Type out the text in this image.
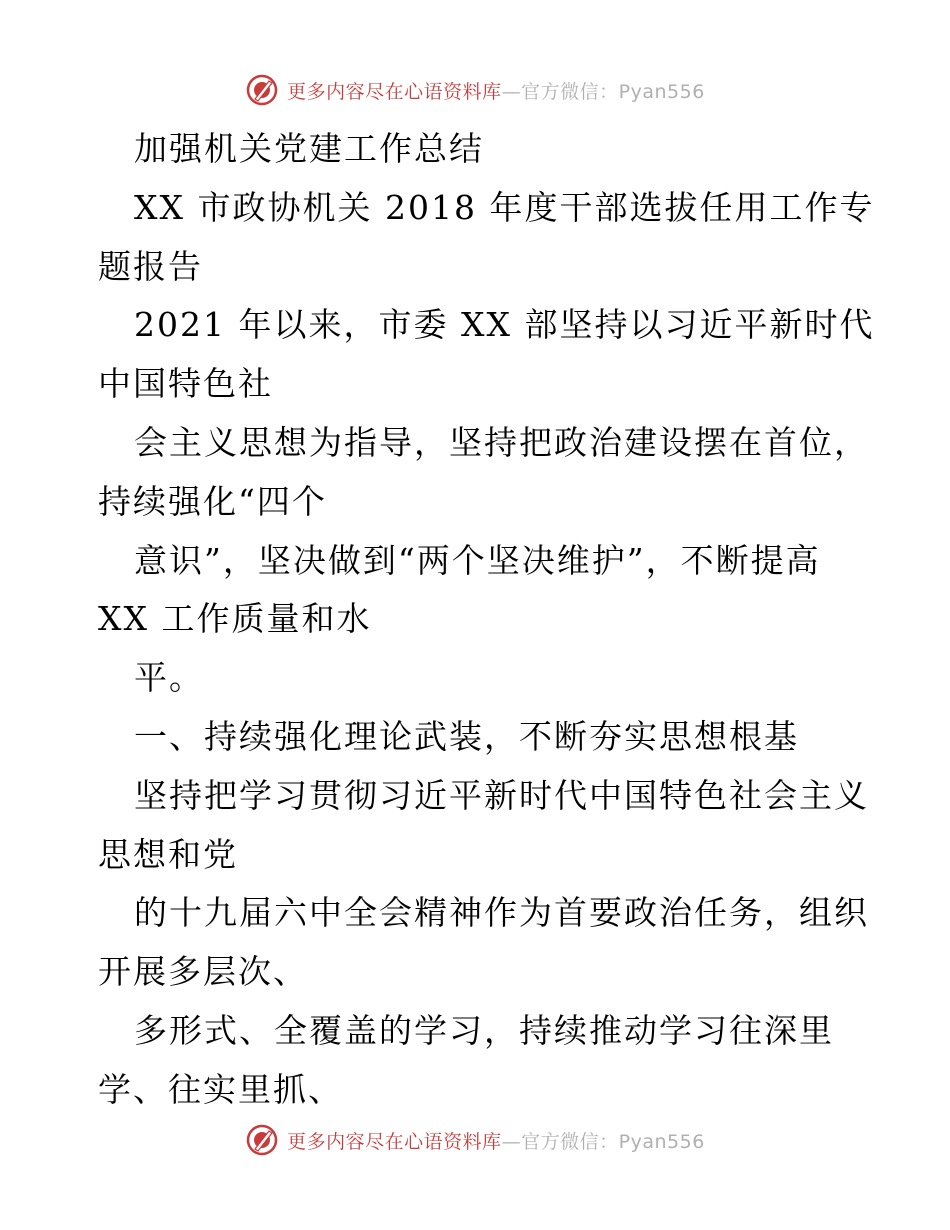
更多内容尽在心语资料库—官方微信：Pyan556
加强机关党建工作总结
XX 市政协机关 2018 年度干部选拔任用工作专
题报告
2021 年以来，市委 XX 部坚持以习近平新时代
中国特色社
会主义思想为指导，坚持把政治建设摆在首位，
持续强化“四个
意识”，坚决做到“两个坚决维护”，不断提高
XX 工作质量和水
平。
一、持续强化理论武装，不断夯实思想根基
坚持把学习贯彻习近平新时代中国特色社会主义
思想和党
的十九届六中全会精神作为首要政治任务，组织
开展多层次、
多形式、全覆盖的学习，持续推动学习往深里
学、往实里抓、
更多内容尽在心语资料库—官方微信：Pyan556
